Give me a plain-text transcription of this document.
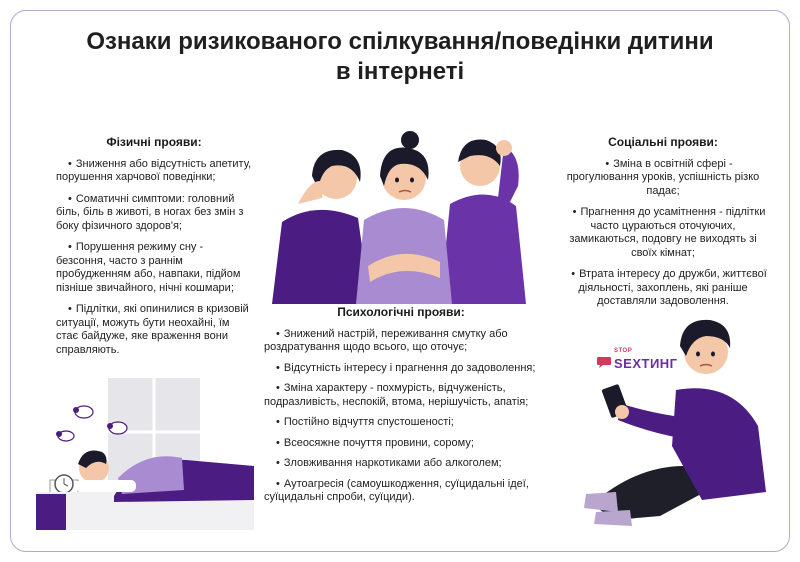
Ознаки ризикованого спілкування/поведінки дитини
в інтернеті
Фізичні прояви:
• Зниження або відсутність апетиту, порушення харчової поведінки;
• Соматичні симптоми: головний біль, біль в животі, в ногах без змін з боку фізичного здоров'я;
• Порушення режиму сну - безсоння, часто з раннім пробудженням або, навпаки, підйом пізніше звичайного, нічні кошмари;
• Підлітки, які опинилися в кризовій ситуації, можуть бути неохайні, їм стає байдуже, яке враження вони справляють.
Соціальні прояви:
• Зміна в освітній сфері - прогулювання уроків, успішність різко падає;
• Прагнення до усамітнення - підлітки часто цураються оточуючих, замикаються, подовгу не виходять зі своїх кімнат;
• Втрата інтересу до дружби, життєвої діяльності, захоплень, які раніше доставляли задоволення.
Психологічні прояви:
• Знижений настрій, переживання смутку або роздратування щодо всього, що оточує;
• Відсутність інтересу і прагнення до задоволення;
• Зміна характеру - похмурість, відчуженість, подразливість, неспокій, втома, нерішучість, апатія;
• Постійно відчуття спустошеності;
• Всеосяжне почуття провини, сорому;
• Зловживання наркотиками або алкоголем;
• Аутоагресія (самоушкодження, суїцидальні ідеї, суїцидальні спроби, суїциди).
STOP
SEXТИНГ
